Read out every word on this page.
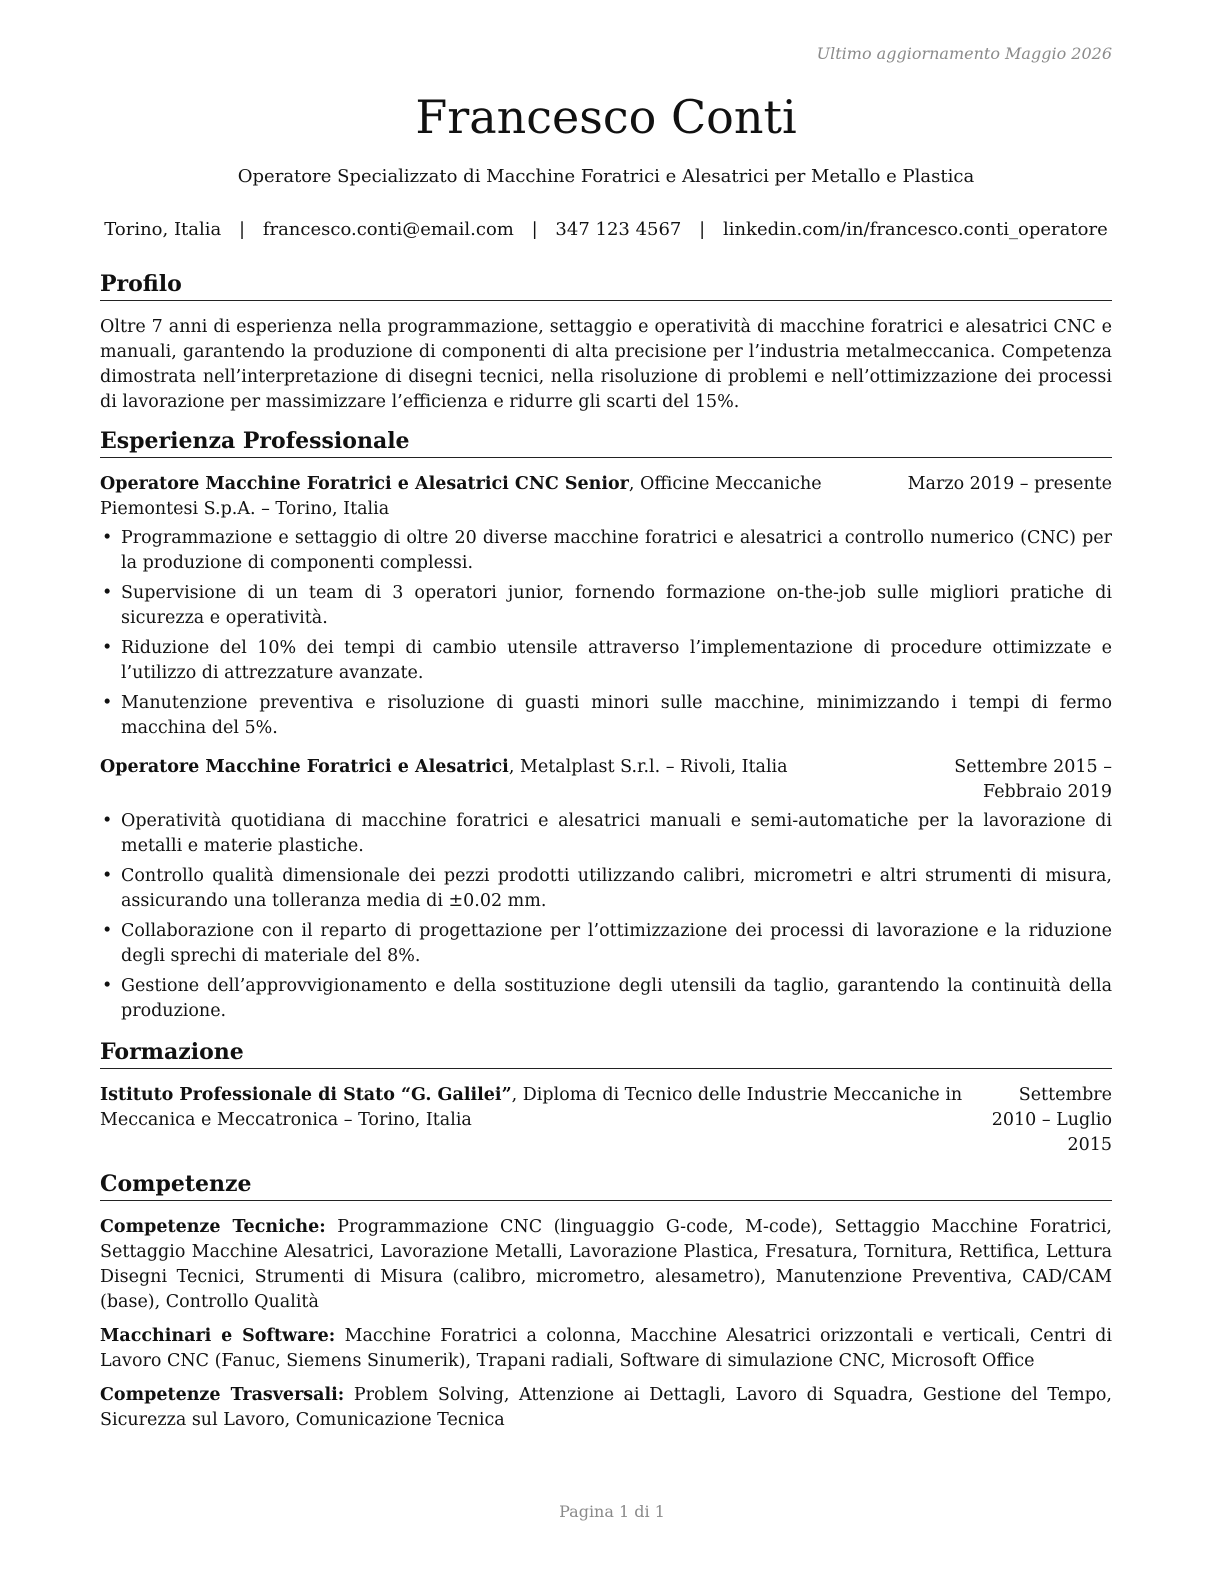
Ultimo aggiornamento Maggio 2026
Francesco Conti
Operatore Specializzato di Macchine Foratrici e Alesatrici per Metallo e Plastica
Torino, Italia | francesco.conti@email.com | 347 123 4567 | linkedin.com/in/francesco.conti_operatore
Profilo

Oltre 7 anni di esperienza nella programmazione, settaggio e operatività di macchine foratrici e alesatrici CNC e manuali, garantendo la produzione di componenti di alta precisione per l’industria metalmeccanica. Competenza dimostrata nell’interpretazione di disegni tecnici, nella risoluzione di problemi e nell’ottimizzazione dei processi di lavorazione per massimizzare l’efficienza e ridurre gli scarti del 15%.

Esperienza Professionale
Operatore Macchine Foratrici e Alesatrici CNC Senior, Officine Meccaniche Piemontesi S.p.A. – Torino, Italia
Marzo 2019 – presente
• Programmazione e settaggio di oltre 20 diverse macchine foratrici e alesatrici a controllo numerico (CNC) per la produzione di componenti complessi.
• Supervisione di un team di 3 operatori junior, fornendo formazione on-the-job sulle migliori pratiche di sicurezza e operatività.
• Riduzione del 10% dei tempi di cambio utensile attraverso l’implementazione di procedure ottimizzate e l’utilizzo di attrezzature avanzate.
• Manutenzione preventiva e risoluzione di guasti minori sulle macchine, minimizzando i tempi di fermo macchina del 5%.
Operatore Macchine Foratrici e Alesatrici, Metalplast S.r.l. – Rivoli, Italia	Settembre 2015 – Febbraio 2019
• Operatività quotidiana di macchine foratrici e alesatrici manuali e semi-automatiche per la lavorazione di metalli e materie plastiche.
• Controllo qualità dimensionale dei pezzi prodotti utilizzando calibri, micrometri e altri strumenti di misura, assicurando una tolleranza media di ±0.02 mm.
• Collaborazione con il reparto di progettazione per l’ottimizzazione dei processi di lavorazione e la riduzione degli sprechi di materiale del 8%.
• Gestione dell’approvvigionamento e della sostituzione degli utensili da taglio, garantendo la continuità della produzione.
Formazione
Istituto Professionale di Stato “G. Galilei”, Diploma di Tecnico delle Industrie Meccaniche in Meccanica e Meccatronica – Torino, Italia
Settembre 2010 – Luglio 2015
Competenze
Competenze Tecniche: Programmazione CNC (linguaggio G-code, M-code), Settaggio Macchine Foratrici, Settaggio Macchine Alesatrici, Lavorazione Metalli, Lavorazione Plastica, Fresatura, Tornitura, Rettifica, Lettura Disegni Tecnici, Strumenti di Misura (calibro, micrometro, alesametro), Manutenzione Preventiva, CAD/CAM (base), Controllo Qualità
Macchinari e Software: Macchine Foratrici a colonna, Macchine Alesatrici orizzontali e verticali, Centri di Lavoro CNC (Fanuc, Siemens Sinumerik), Trapani radiali, Software di simulazione CNC, Microsoft Office
Competenze Trasversali: Problem Solving, Attenzione ai Dettagli, Lavoro di Squadra, Gestione del Tempo, Sicurezza sul Lavoro, Comunicazione Tecnica
Pagina 1 di 1
